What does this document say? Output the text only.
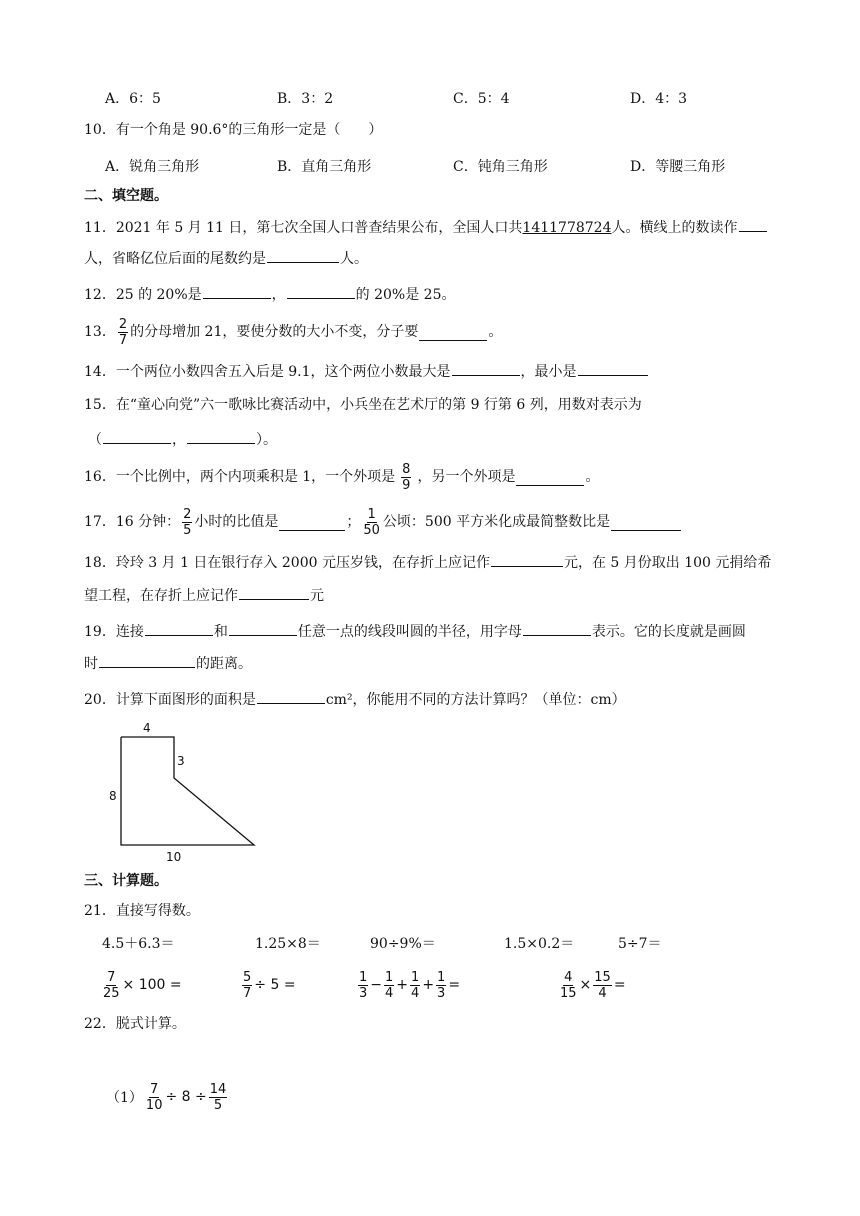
A．6：5	B．3：2	C．5：4	D．4：3
10．有一个角是 90.6°的三角形一定是（　　）
A．锐角三角形	B．直角三角形	C．钝角三角形	D．等腰三角形
二、填空题。
11．2021 年 5 月 11 日，第七次全国人口普查结果公布，全国人口共1411778724人。横线上的数读作
人，省略亿位后面的尾数约是	人。
12．25 的 20%是	，	的 20%是 25。
13． $\frac{2}{7}$ 的分母增加 21，要使分数的大小不变，分子要	。
14．一个两位小数四舍五入后是 9.1，这个两位小数最大是	，最小是
15．在“童心向党”六一歌咏比赛活动中，小兵坐在艺术厅的第 9 行第 6 列，用数对表示为
（	，	）。
16．一个比例中，两个内项乘积是 1，一个外项是 $\frac{8}{9}$ ，另一个外项是	。
17．16 分钟： $\frac{2}{5}$ 小时的比值是	； $\frac{1}{50}$ 公顷：500 平方米化成最简整数比是
18．玲玲 3 月 1 日在银行存入 2000 元压岁钱，在存折上应记作	元，在 5 月份取出 100 元捐给希
望工程，在存折上应记作	元
19．连接	和	任意一点的线段叫圆的半径，用字母	表示。它的长度就是画圆
时	的距离。
20．计算下面图形的面积是	cm²，你能用不同的方法计算吗？（单位：cm）
4
3
8
10
三、计算题。
21．直接写得数。
4.5＋6.3＝	1.25×8＝	90÷9%＝	1.5×0.2＝	5÷7＝
$\frac{7}{25} \times 100$ =	$\frac{5}{7} \div 5$ =	$\frac{1}{3} - \frac{1}{4} + \frac{1}{4} + \frac{1}{3}$ =	$\frac{4}{15} \times \frac{15}{4}$ =
22．脱式计算。
$(1) \frac{7}{10} \div 8 \div \frac{14}{5}$
